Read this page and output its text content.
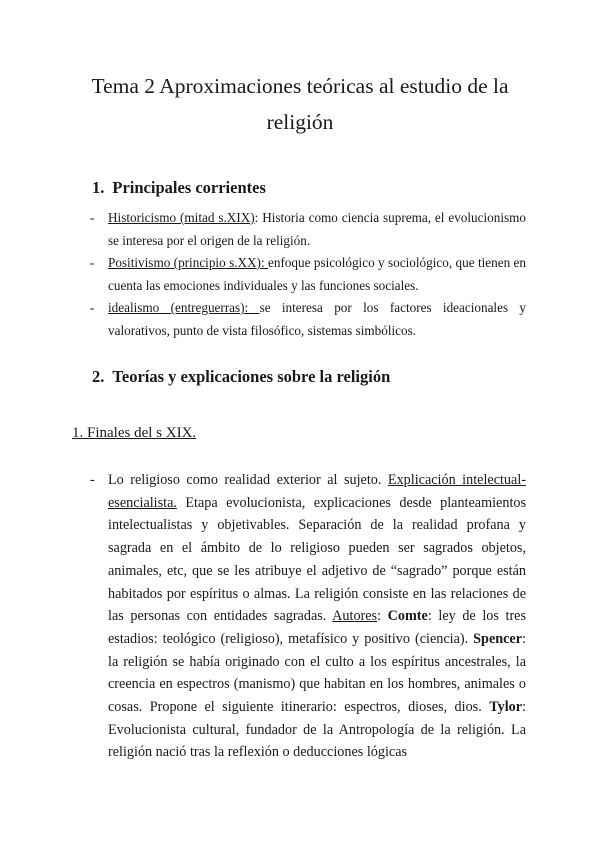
Tema 2 Aproximaciones teóricas al estudio de la religión
1. Principales corrientes
- Historicismo (mitad s.XIX): Historia como ciencia suprema, el evolucionismo se interesa por el origen de la religión.
- Positivismo (principio s.XX): enfoque psicológico y sociológico, que tienen en cuenta las emociones individuales y las funciones sociales.
- idealismo (entreguerras): se interesa por los factores ideacionales y valorativos, punto de vista filosófico, sistemas simbólicos.
2. Teorías y explicaciones sobre la religión
1. Finales del s XIX.
- Lo religioso como realidad exterior al sujeto. Explicación intelectual-esencialista. Etapa evolucionista, explicaciones desde planteamientos intelectualistas y objetivables. Separación de la realidad profana y sagrada en el ámbito de lo religioso pueden ser sagrados objetos, animales, etc, que se les atribuye el adjetivo de “sagrado” porque están habitados por espíritus o almas. La religión consiste en las relaciones de las personas con entidades sagradas. Autores: Comte: ley de los tres estadios: teológico (religioso), metafísico y positivo (ciencia). Spencer: la religión se había originado con el culto a los espíritus ancestrales, la creencia en espectros (manismo) que habitan en los hombres, animales o cosas. Propone el siguiente itinerario: espectros, dioses, dios. Tylor: Evolucionista cultural, fundador de la Antropología de la religión. La religión nació tras la reflexión o deducciones lógicas
